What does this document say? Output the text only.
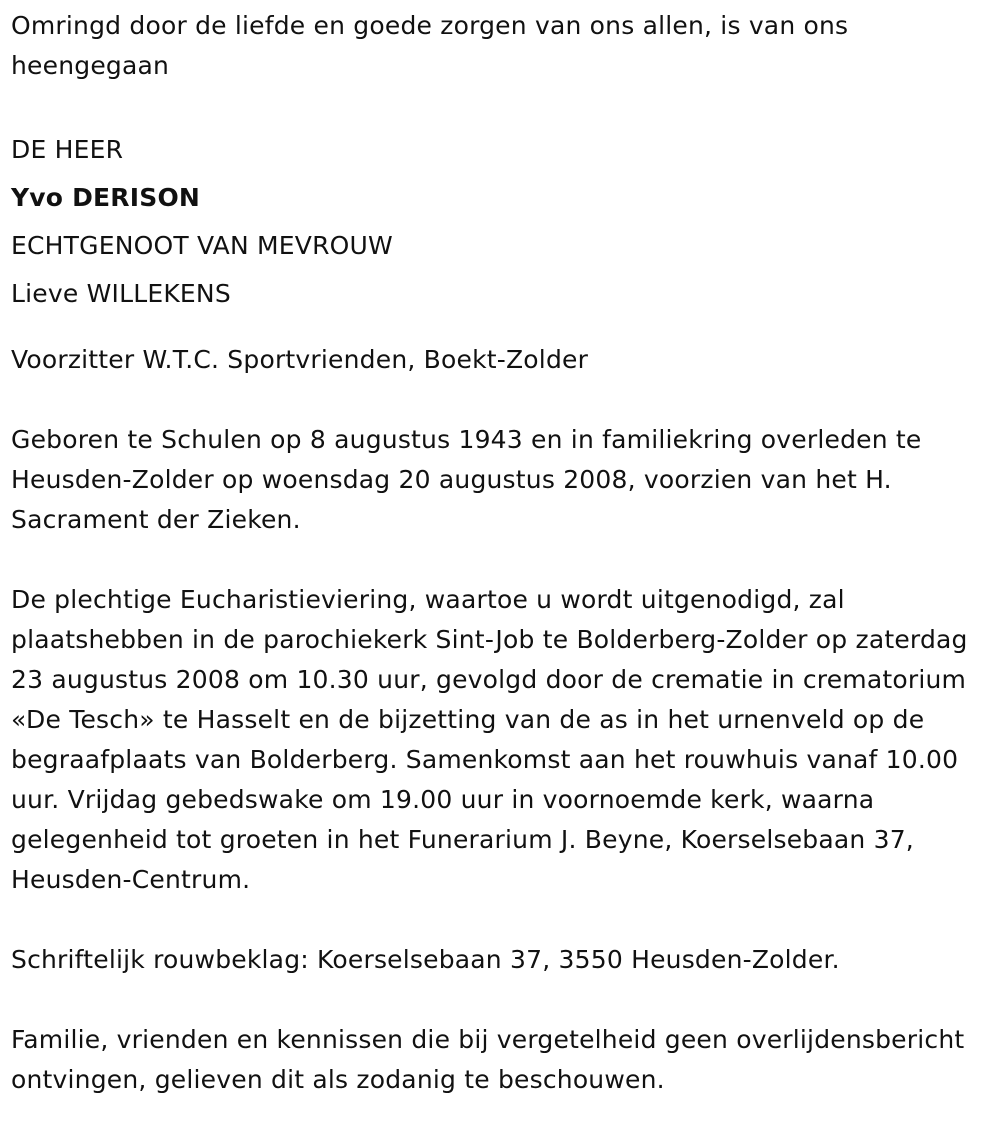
Omringd door de liefde en goede zorgen van ons allen, is van ons heengegaan

DE HEER
Yvo DERISON
ECHTGENOOT VAN MEVROUW
Lieve WILLEKENS

Voorzitter W.T.C. Sportvrienden, Boekt-Zolder

Geboren te Schulen op 8 augustus 1943 en in familiekring overleden te Heusden-Zolder op woensdag 20 augustus 2008, voorzien van het H. Sacrament der Zieken.

De plechtige Eucharistieviering, waartoe u wordt uitgenodigd, zal plaatshebben in de parochiekerk Sint-Job te Bolderberg-Zolder op zaterdag 23 augustus 2008 om 10.30 uur, gevolgd door de crematie in crematorium «De Tesch» te Hasselt en de bijzetting van de as in het urnenveld op de begraafplaats van Bolderberg. Samenkomst aan het rouwhuis vanaf 10.00 uur. Vrijdag gebedswake om 19.00 uur in voornoemde kerk, waarna gelegenheid tot groeten in het Funerarium J. Beyne, Koerselsebaan 37, Heusden-Centrum.

Schriftelijk rouwbeklag: Koerselsebaan 37, 3550 Heusden-Zolder.

Familie, vrienden en kennissen die bij vergetelheid geen overlijdensbericht ontvingen, gelieven dit als zodanig te beschouwen.
